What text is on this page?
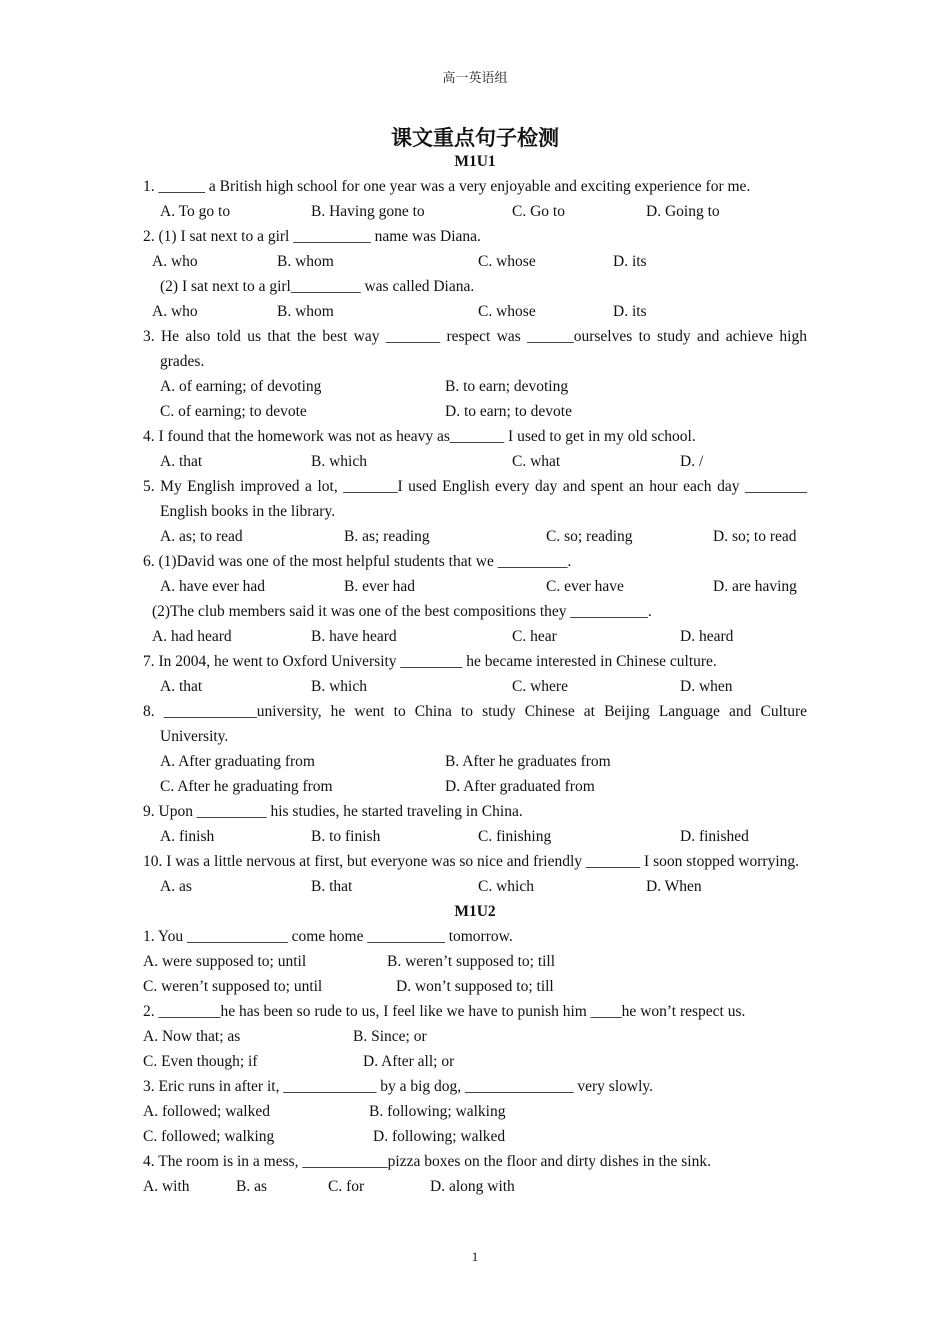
高一英语组
课文重点句子检测
M1U1
1. ______ a British high school for one year was a very enjoyable and exciting experience for me.
A. To go to	B. Having gone to	C. Go to	D. Going to
2. (1) I sat next to a girl __________ name was Diana.
A. who	B. whom	C. whose	D. its
(2) I sat next to a girl_________ was called Diana.
A. who	B. whom	C. whose	D. its
3. He also told us that the best way _______ respect was ______ourselves to study and achieve high grades.
A. of earning; of devoting	B. to earn; devoting
C. of earning; to devote	D. to earn; to devote
4. I found that the homework was not as heavy as_______ I used to get in my old school.
A. that	B. which	C. what	D. /
5. My English improved a lot, _______I used English every day and spent an hour each day ________ English books in the library.
A. as; to read	B. as; reading	C. so; reading	D. so; to read
6. (1)David was one of the most helpful students that we _________.
A. have ever had	B. ever had	C. ever have	D. are having
(2)The club members said it was one of the best compositions they __________.
A. had heard	B. have heard	C. hear	D. heard
7. In 2004, he went to Oxford University ________ he became interested in Chinese culture.
A. that	B. which	C. where	D. when
8. ____________university, he went to China to study Chinese at Beijing Language and Culture University.
A. After graduating from	B. After he graduates from
C. After he graduating from	D. After graduated from
9. Upon _________ his studies, he started traveling in China.
A. finish	B. to finish	C. finishing	D. finished
10. I was a little nervous at first, but everyone was so nice and friendly _______ I soon stopped worrying.
A. as	B. that	C. which	D. When
M1U2
1. You _____________ come home __________ tomorrow.
A. were supposed to; until	B. weren’t supposed to; till
C. weren’t supposed to; until	D. won’t supposed to; till
2. ________he has been so rude to us, I feel like we have to punish him ____he won’t respect us.
A. Now that; as	B. Since; or
C. Even though; if	D. After all; or
3. Eric runs in after it, ____________ by a big dog, ______________ very slowly.
A. followed; walked	B. following; walking
C. followed; walking	D. following; walked
4. The room is in a mess, ___________pizza boxes on the floor and dirty dishes in the sink.
A. with	B. as	C. for	D. along with
1
